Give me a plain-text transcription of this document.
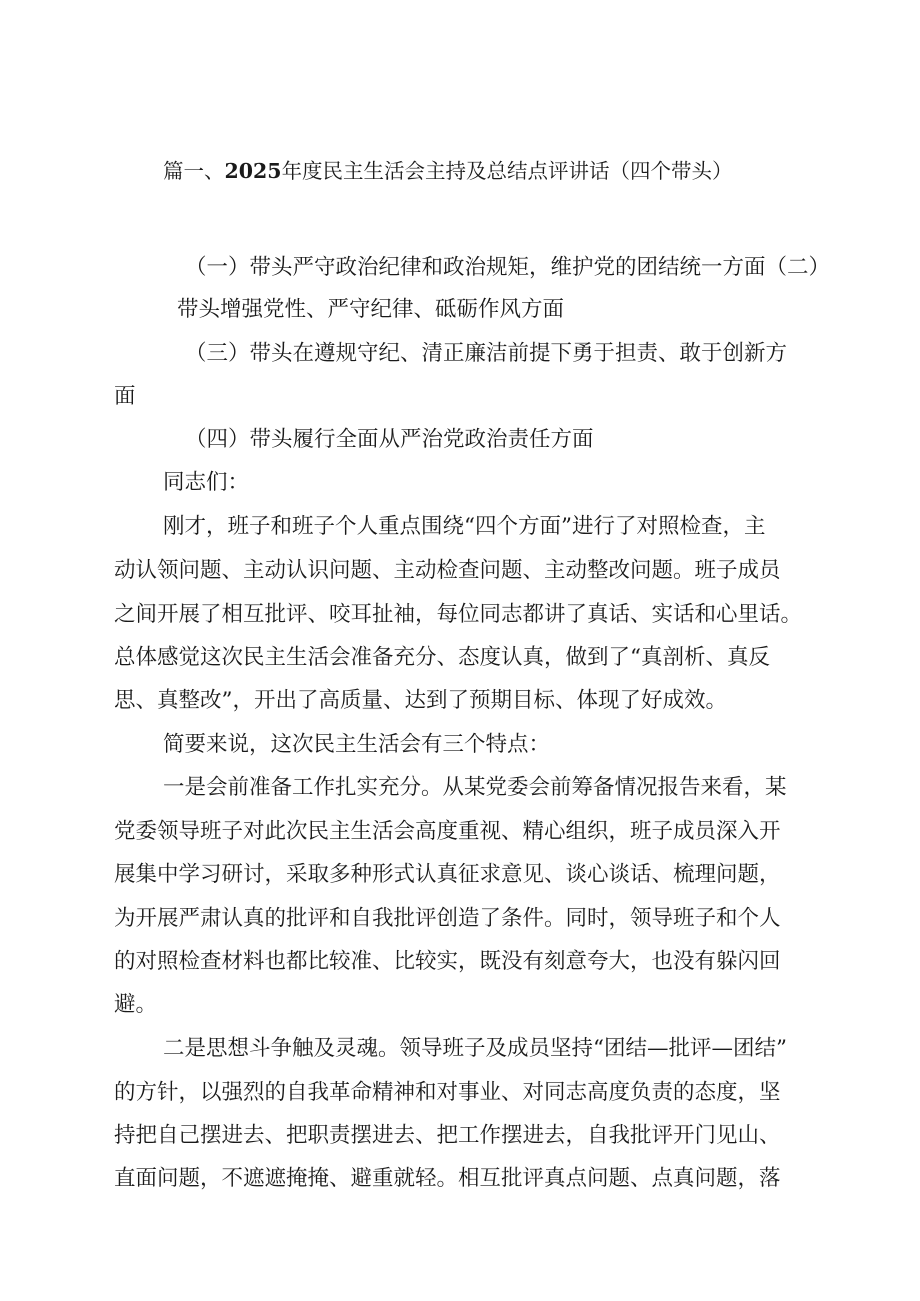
篇一、2025年度民主生活会主持及总结点评讲话（四个带头）
（一）带头严守政治纪律和政治规矩，维护党的团结统一方面（二）
带头增强党性、严守纪律、砥砺作风方面
（三）带头在遵规守纪、清正廉洁前提下勇于担责、敢于创新方
面
（四）带头履行全面从严治党政治责任方面
同志们：
刚才，班子和班子个人重点围绕“四个方面”进行了对照检查，主
动认领问题、主动认识问题、主动检查问题、主动整改问题。班子成员
之间开展了相互批评、咬耳扯袖，每位同志都讲了真话、实话和心里话。
总体感觉这次民主生活会准备充分、态度认真，做到了“真剖析、真反
思、真整改”，开出了高质量、达到了预期目标、体现了好成效。
简要来说，这次民主生活会有三个特点：
一是会前准备工作扎实充分。从某党委会前筹备情况报告来看，某
党委领导班子对此次民主生活会高度重视、精心组织，班子成员深入开
展集中学习研讨，采取多种形式认真征求意见、谈心谈话、梳理问题，
为开展严肃认真的批评和自我批评创造了条件。同时，领导班子和个人
的对照检查材料也都比较准、比较实，既没有刻意夸大，也没有躲闪回
避。
二是思想斗争触及灵魂。领导班子及成员坚持“团结—批评—团结”
的方针，以强烈的自我革命精神和对事业、对同志高度负责的态度，坚
持把自己摆进去、把职责摆进去、把工作摆进去，自我批评开门见山、
直面问题，不遮遮掩掩、避重就轻。相互批评真点问题、点真问题，落
